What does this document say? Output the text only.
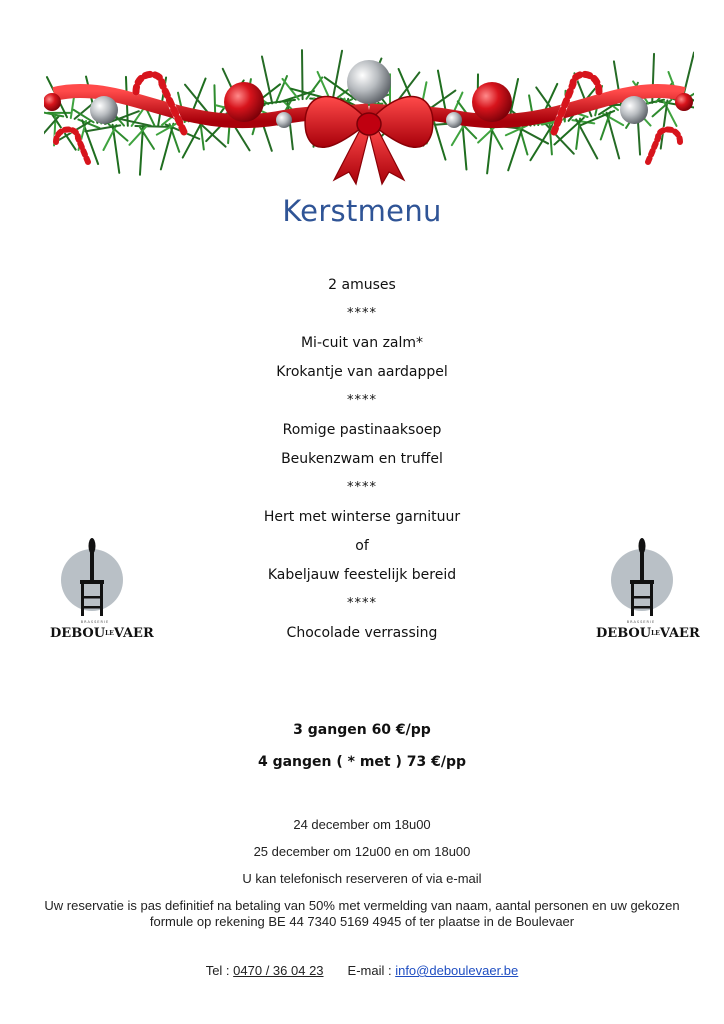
Kerstmenu
2 amuses
****
Mi-cuit van zalm*
Krokantje van aardappel
****
Romige pastinaaksoep
Beukenzwam en truffel
****
Hert met winterse garnituur
of
Kabeljauw feestelijk bereid
****
Chocolade verrassing
BRASSERIE
DEBOULEVAER
BRASSERIE
DEBOULEVAER
3 gangen 60 €/pp
4 gangen ( * met ) 73 €/pp
24 december om 18u00
25 december om 12u00 en om 18u00
U kan telefonisch reserveren of via e-mail
Uw reservatie is pas definitief na betaling van 50% met vermelding van naam, aantal personen en uw gekozen formule op rekening BE 44 7340 5169 4945 of ter plaatse in de Boulevaer
Tel : 0470 / 36 04 23 E-mail : info@deboulevaer.be
